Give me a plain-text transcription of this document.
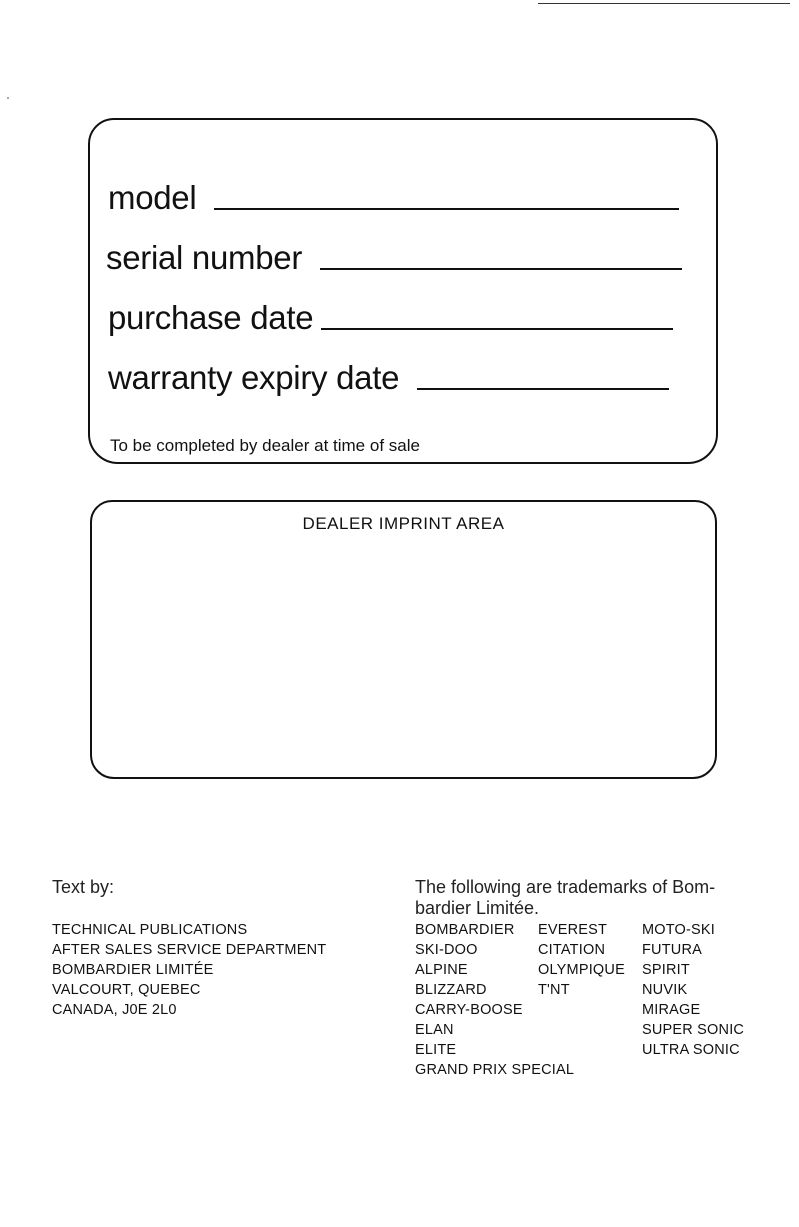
model
serial number
purchase date
warranty expiry date
To be completed by dealer at time of sale
DEALER IMPRINT AREA
Text by:
TECHNICAL PUBLICATIONS
AFTER SALES SERVICE DEPARTMENT
BOMBARDIER LIMITÉE
VALCOURT, QUEBEC
CANADA, J0E 2L0
The following are trademarks of Bom-bardier Limitée.
BOMBARDIER
SKI-DOO
ALPINE
BLIZZARD
CARRY-BOOSE
ELAN
ELITE
GRAND PRIX SPECIAL
EVEREST
CITATION
OLYMPIQUE
T'NT
MOTO-SKI
FUTURA
SPIRIT
NUVIK
MIRAGE
SUPER SONIC
ULTRA SONIC
